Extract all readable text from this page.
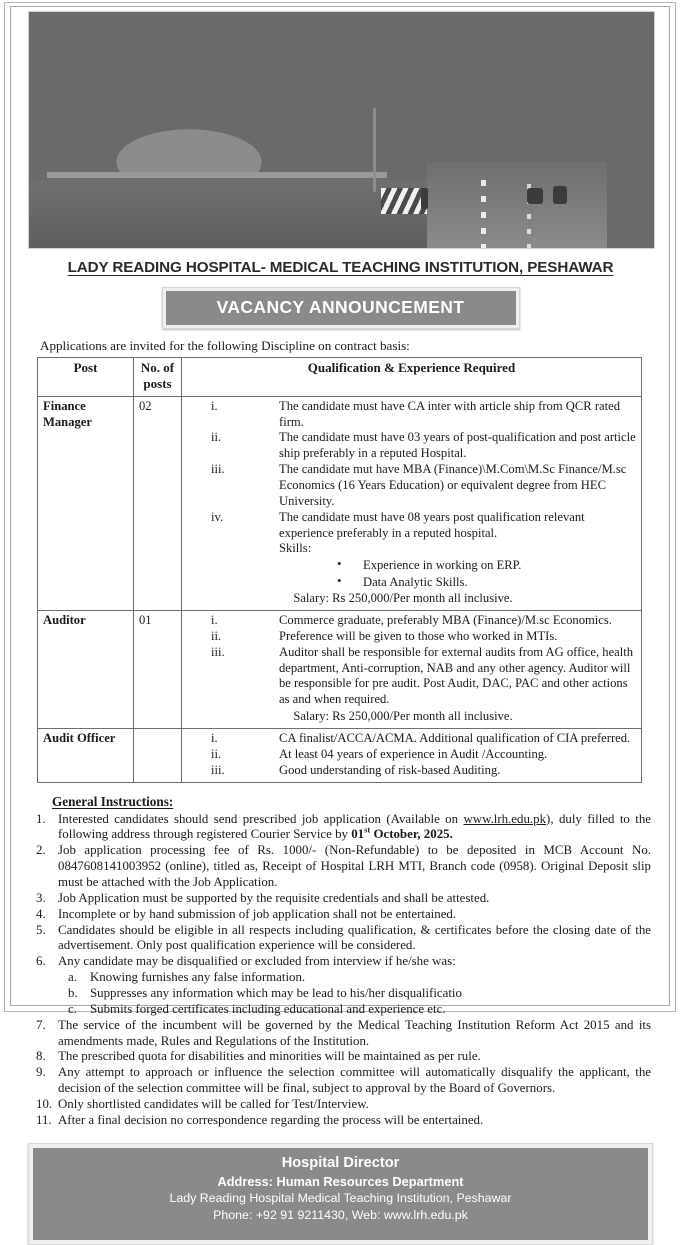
LADY READING HOSPITAL- MEDICAL TEACHING INSTITUTION, PESHAWAR
VACANCY ANNOUNCEMENT
Applications are invited for the following Discipline on contract basis:
Post	No. of posts	Qualification & Experience Required
Finance Manager	02	i.	The candidate must have CA inter with article ship from QCR rated firm.
ii.	The candidate must have 03 years of post-qualification and post article ship preferably in a reputed Hospital.
iii.	The candidate mut have MBA (Finance)\M.Com\M.Sc Finance/M.sc Economics (16 Years Education) or equivalent degree from HEC University.
iv.	The candidate must have 08 years post qualification relevant experience preferably in a reputed hospital.
Skills:
• Experience in working on ERP.
• Data Analytic Skills.
Salary: Rs 250,000/Per month all inclusive.

Auditor	01	i.	Commerce graduate, preferably MBA (Finance)/M.sc Economics.
ii.	Preference will be given to those who worked in MTIs.
iii.	Auditor shall be responsible for external audits from AG office, health department, Anti-corruption, NAB and any other agency. Auditor will be responsible for pre audit. Post Audit, DAC, PAC and other actions as and when required.
Salary: Rs 250,000/Per month all inclusive.

Audit Officer		i.	CA finalist/ACCA/ACMA. Additional qualification of CIA preferred.
ii.	At least 04 years of experience in Audit /Accounting.
iii.	Good understanding of risk-based Auditing.
General Instructions:
1. Interested candidates should send prescribed job application (Available on www.lrh.edu.pk), duly filled to the following address through registered Courier Service by 01st October, 2025.
2. Job application processing fee of Rs. 1000/- (Non-Refundable) to be deposited in MCB Account No. 0847608141003952 (online), titled as, Receipt of Hospital LRH MTI, Branch code (0958). Original Deposit slip must be attached with the Job Application.
3. Job Application must be supported by the requisite credentials and shall be attested.
4. Incomplete or by hand submission of job application shall not be entertained.
5. Candidates should be eligible in all respects including qualification, & certificates before the closing date of the advertisement. Only post qualification experience will be considered.
6. Any candidate may be disqualified or excluded from interview if he/she was:
a. Knowing furnishes any false information.
b. Suppresses any information which may be lead to his/her disqualificatio
c. Submits forged certificates including educational and experience etc.
7. The service of the incumbent will be governed by the Medical Teaching Institution Reform Act 2015 and its amendments made, Rules and Regulations of the Institution.
8. The prescribed quota for disabilities and minorities will be maintained as per rule.
9. Any attempt to approach or influence the selection committee will automatically disqualify the applicant, the decision of the selection committee will be final, subject to approval by the Board of Governors.
10. Only shortlisted candidates will be called for Test/Interview.
11. After a final decision no correspondence regarding the process will be entertained.
Hospital Director
Address: Human Resources Department
Lady Reading Hospital Medical Teaching Institution, Peshawar
Phone: +92 91 9211430, Web: www.lrh.edu.pk
